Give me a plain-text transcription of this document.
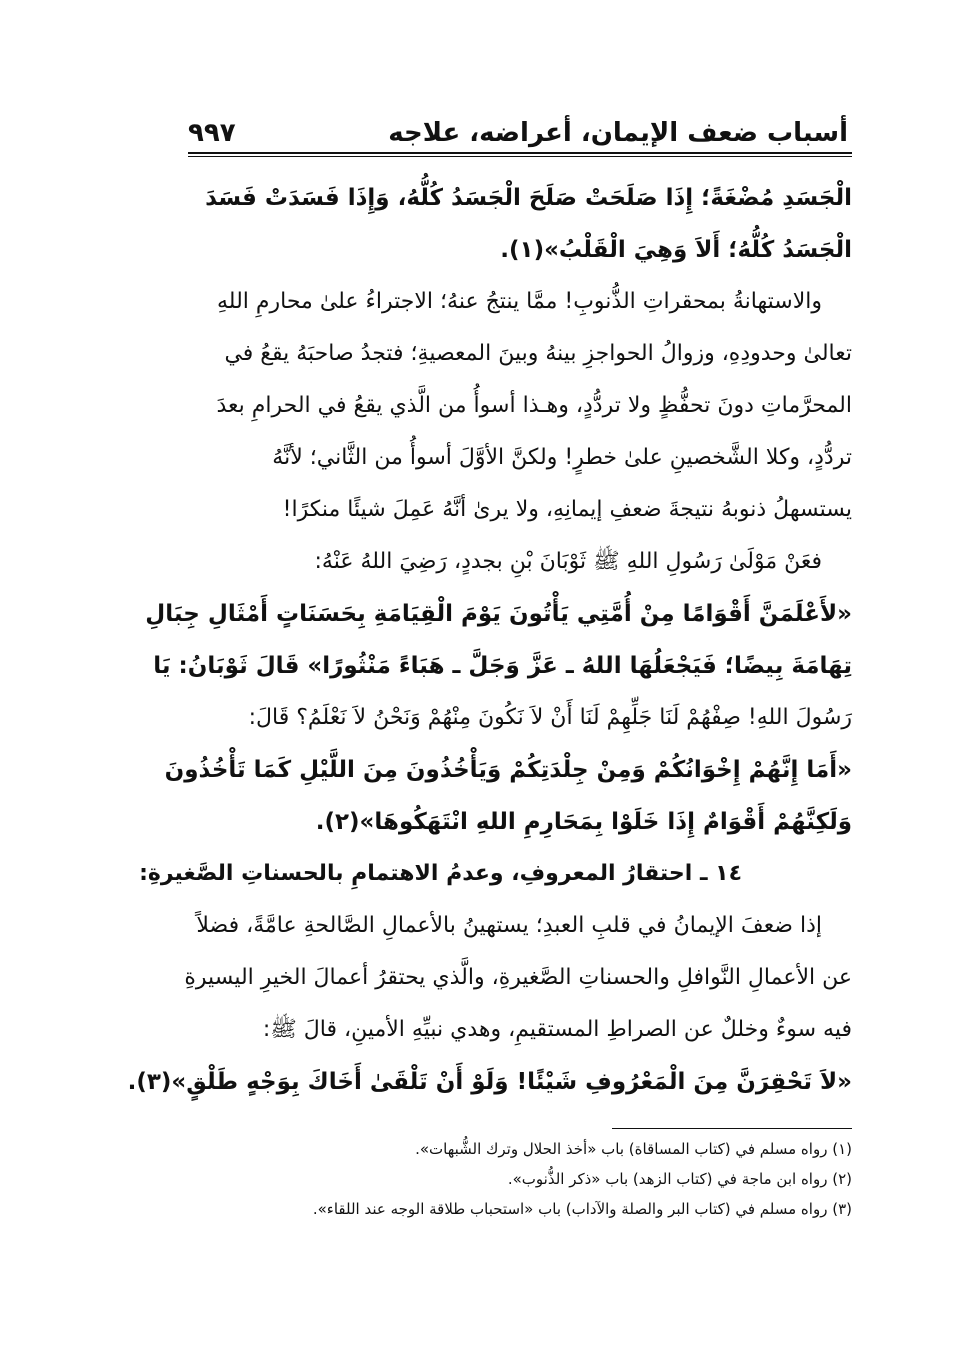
أسباب ضعف الإيمان، أعراضه، علاجه
٩٩٧
الْجَسَدِ مُضْغَةً؛ إِذَا صَلَحَتْ صَلَحَ الْجَسَدُ كُلُّهُ، وَإِذَا فَسَدَتْ فَسَدَ
الْجَسَدُ كُلُّهُ؛ أَلاَ وَهِيَ الْقَلْبُ»(١).
والاستهانةُ بمحقراتِ الذُّنوبِ! ممَّا ينتجُ عنهُ؛ الاجتراءُ علىٰ محارمِ اللهِ
تعالىٰ وحدودِهِ، وزوالُ الحواجزِ بينهُ وبينَ المعصيةِ؛ فتجدُ صاحبَهُ يقعُ في
المحرَّماتِ دونَ تحفُّظٍ ولا تردُّدٍ، وهـذا أسوأُ من الَّذي يقعُ في الحرامِ بعدَ
تردُّدٍ، وكلا الشَّخصينِ علىٰ خطرٍ! ولكنَّ الأوَّلَ أسوأُ من الثَّاني؛ لأنَّهُ
يستسهلُ ذنوبهُ نتيجةَ ضعفِ إيمانِهِ، ولا يرىٰ أنَّهُ عَمِلَ شيئًا منكرًا!
فعَنْ مَوْلَىٰ رَسُولِ اللهِ ﷺ ثَوْبَانَ بْنِ بجددٍ، رَضِيَ اللهُ عَنْهُ:
«لأَعْلَمَنَّ أَقْوَامًا مِنْ أُمَّتِي يَأْتُونَ يَوْمَ الْقِيَامَةِ بِحَسَنَاتٍ أَمْثَالِ جِبَالِ
تِهَامَةَ بِيضًا؛ فَيَجْعَلُهَا اللهُ ـ عَزَّ وَجَلَّ ـ هَبَاءً مَنْثُورًا» قَالَ ثَوْبَانُ: يَا
رَسُولَ اللهِ! صِفْهُمْ لَنَا جَلِّهِمْ لَنَا أَنْ لاَ نَكُونَ مِنْهُمْ وَنَحْنُ لاَ نَعْلَمُ؟ قَالَ:
«أَمَا إِنَّهُمْ إِخْوَانُكُمْ وَمِنْ جِلْدَتِكُمْ وَيَأْخُذُونَ مِنَ اللَّيْلِ كَمَا تَأْخُذُونَ
وَلَكِنَّهُمْ أَقْوَامٌ إِذَا خَلَوْا بِمَحَارِمِ اللهِ انْتَهَكُوهَا»(٢).
١٤ ـ احتقارُ المعروفِ، وعدمُ الاهتمامِ بالحسناتِ الصَّغيرةِ:
إذا ضعفَ الإيمانُ في قلبِ العبدِ؛ يستهينُ بالأعمالِ الصَّالحةِ عامَّةً، فضلاً
عن الأعمالِ النَّوافلِ والحسناتِ الصَّغيرةِ، والَّذي يحتقرُ أعمالَ الخيرِ اليسيرةِ
فيه سوءٌ وخللٌ عن الصراطِ المستقيمِ، وهدي نبيِّهِ الأمينِ، قالَ ﷺ:
«لاَ تَحْقِرَنَّ مِنَ الْمَعْرُوفِ شَيْئًا! وَلَوْ أَنْ تَلْقَىٰ أَخَاكَ بِوَجْهٍ طَلْقٍ»(٣).
(١) رواه مسلم في (كتاب المساقاة) باب «أخذ الحلال وترك الشُّبهات».
(٢) رواه ابن ماجة في (كتاب الزهد) باب «ذكر الذُّنوب».
(٣) رواه مسلم في (كتاب البر والصلة والآداب) باب «استحباب طلاقة الوجه عند اللقاء».
